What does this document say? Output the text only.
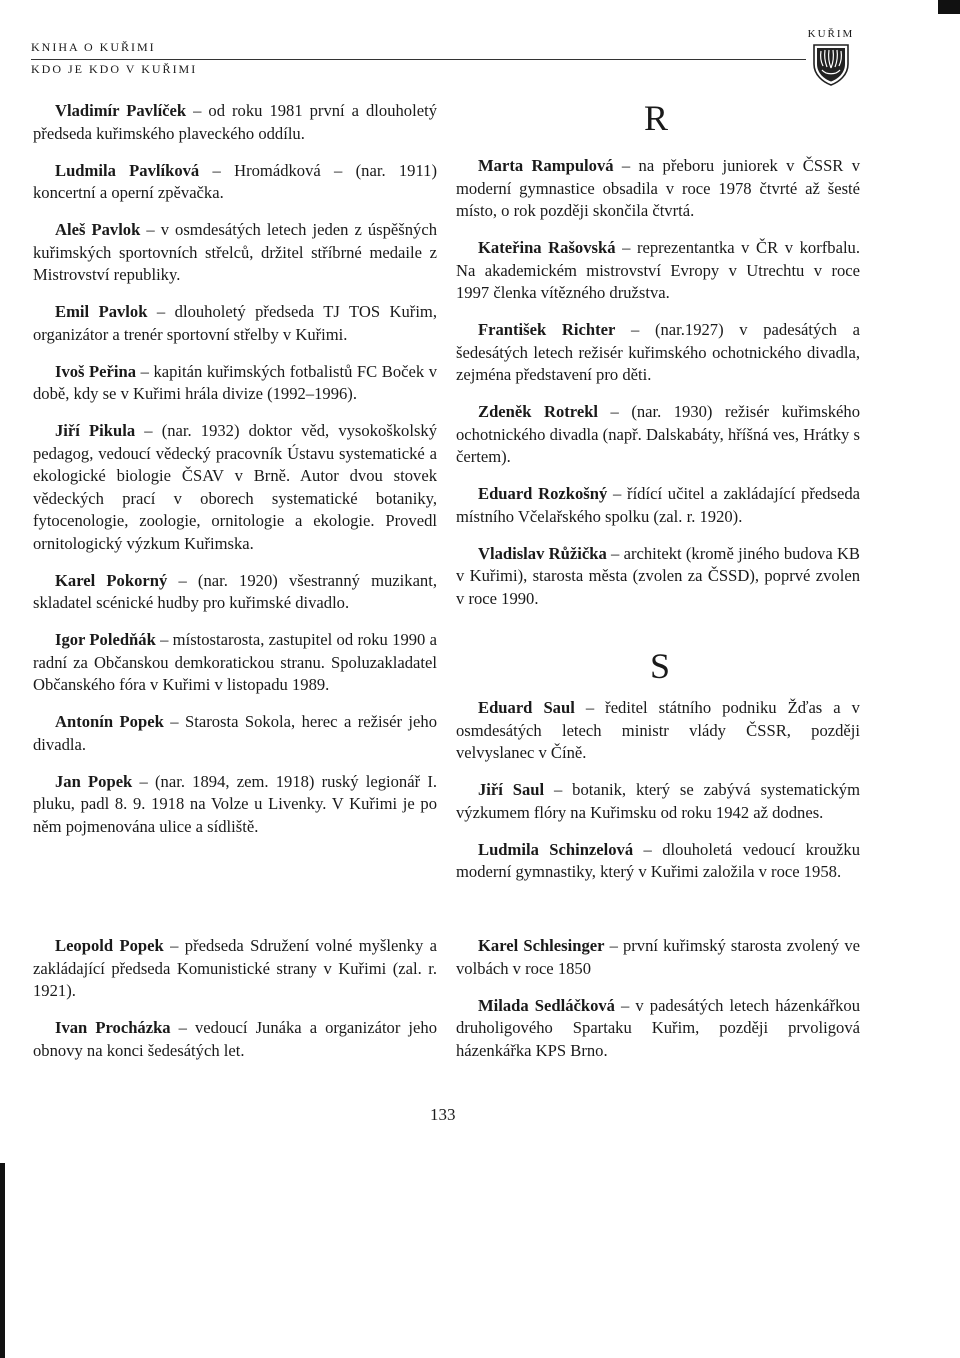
KNIHA O KUŘIMI
KDO JE KDO V KUŘIMI
KUŘIM
R
S

Vladimír Pavlíček – od roku 1981 první a dlouholetý předseda kuřimského plaveckého oddílu.

Ludmila Pavlíková – Hromádková – (nar. 1911) koncertní a operní zpěvačka.

Aleš Pavlok – v osmdesátých letech jeden z úspěšných kuřimských sportovních střelců, držitel stříbrné medaile z Mistrovství republiky.

Emil Pavlok – dlouholetý předseda TJ TOS Kuřim, organizátor a trenér sportovní střelby v Kuřimi.

Ivoš Peřina – kapitán kuřimských fotbalistů FC Boček v době, kdy se v Kuřimi hrála divize (1992–1996).

Jiří Pikula – (nar. 1932) doktor věd, vysokoškolský pedagog, vedoucí vědecký pracovník Ústavu systematické a ekologické biologie ČSAV v Brně. Autor dvou stovek vědeckých prací v oborech systematické botaniky, fytocenologie, zoologie, ornitologie a ekologie. Provedl ornitologický výzkum Kuřimska.

Karel Pokorný – (nar. 1920) všestranný muzikant, skladatel scénické hudby pro kuřimské divadlo.

Igor Poledňák – místostarosta, zastupitel od roku 1990 a radní za Občanskou demkoratickou stranu. Spoluzakladatel Občanského fóra v Kuřimi v listopadu 1989.

Antonín Popek – Starosta Sokola, herec a režisér jeho divadla.

Jan Popek – (nar. 1894, zem. 1918) ruský legionář I. pluku, padl 8. 9. 1918 na Volze u Livenky. V Kuřimi je po něm pojmenována ulice a sídliště.

Marta Rampulová – na přeboru juniorek v ČSSR v moderní gymnastice obsadila v roce 1978 čtvrté až šesté místo, o rok později skončila čtvrtá.

Kateřina Rašovská – reprezentantka v ČR v korfbalu. Na akademickém mistrovství Evropy v Utrechtu v roce 1997 členka vítězného družstva.

František Richter – (nar.1927) v padesátých a šedesátých letech režisér kuřimského ochotnického divadla, zejména představení pro děti.

Zdeněk Rotrekl – (nar. 1930) režisér kuřimského ochotnického divadla (např. Dalskabáty, hříšná ves, Hrátky s čertem).

Eduard Rozkošný – řídící učitel a zakládající předseda místního Včelařského spolku (zal. r. 1920).

Vladislav Růžička – architekt (kromě jiného budova KB v Kuřimi), starosta města (zvolen za ČSSD), poprvé zvolen v roce 1990.

Eduard Saul – ředitel státního podniku Žďas a v osmdesátých letech ministr vlády ČSSR, později velvyslanec v Číně.

Jiří Saul – botanik, který se zabývá systematickým výzkumem flóry na Kuřimsku od roku 1942 až dodnes.

Ludmila Schinzelová – dlouholetá vedoucí kroužku moderní gymnastiky, který v Kuřimi založila v roce 1958.

Leopold Popek – předseda Sdružení volné myšlenky a zakládající předseda Komunistické strany v Kuřimi (zal. r. 1921).

Ivan Procházka – vedoucí Junáka a organizátor jeho obnovy na konci šedesátých let.

Karel Schlesinger – první kuřimský starosta zvolený ve volbách v roce 1850

Milada Sedláčková – v padesátých letech házenkářkou druholigového Spartaku Kuřim, později prvoligová házenkářka KPS Brno.

133
